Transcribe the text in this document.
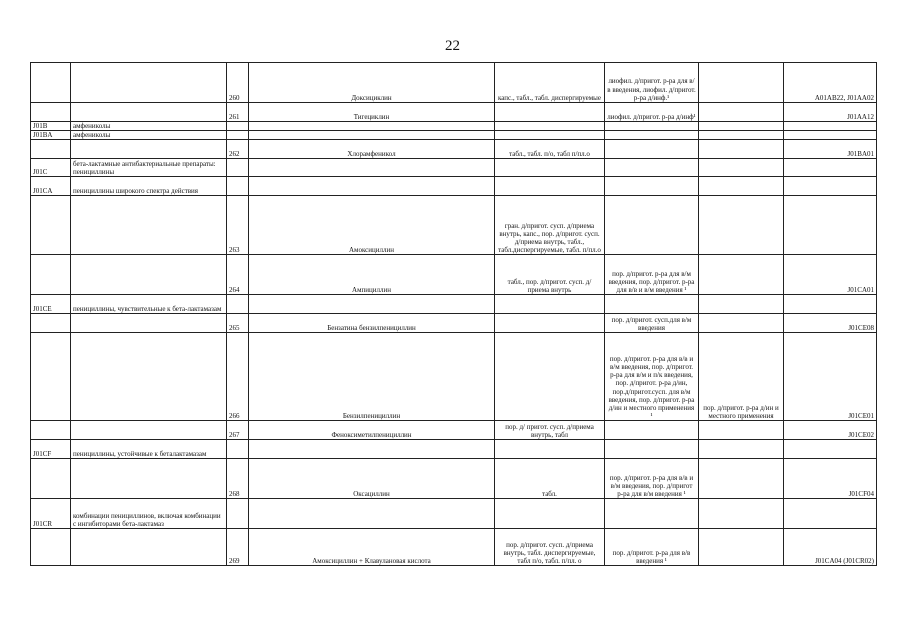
22
		260	Доксициклин	капс., табл., табл. диспергируемые	лиофил. д/пригот. р-ра для в/в введения, лиофил. д/пригот. р-ра д/инф.¹		A01AB22, J01AA02
		261	Тигециклин		лиофил. д/пригот. р-ра д/инф¹		J01AA12
J01B	амфениколы						
J01BA	амфениколы						
		262	Хлорамфеникол	табл., табл. п/о, табл п/пл.о			J01BA01
J01C	бета-лактамные антибактериальные препараты: пенициллины						
J01CA	пенициллины широкого спектра действия						
		263	Амоксициллин	гран. д/пригот. сусп. д/приема внутрь, капс., пор. д/пригот. сусп. д/приема внутрь, табл., табл.диспергируемые, табл. п/пл.о			
		264	Ампициллин	табл., пор. д/пригот. сусп. д/приема внутрь	пор. д/пригот. р-ра для в/м введения, пор. д/пригот. р-ра для в/в и в/м введения ¹		J01CA01
J01CE	пенициллины, чувствительные к бета-лактамазам						
		265	Бензатина бензилпенициллин		пор. д/пригот. сусп.для в/м введения		J01CE08
		266	Бензилпенициллин		пор. д/пригот. р-ра для в/в и в/м введения, пор. д/пригот. р-ра для в/м и п/к введения, пор. д/пригот. р-ра д/ин, пор.д/пригот.сусп. для в/м введения, пор. д/пригот. р-ра д/ин и местного применения ¹	пор. д/пригот. р-ра д/ин и местного применения	J01CE01
		267	Феноксиметилпенициллин	пор. д/ пригот. сусп. д/приема внутрь, табл			J01CE02
J01CF	пенициллины, устойчивые к беталактамазам						
		268	Оксациллин	табл.	пор. д/пригот. р-ра для в/в и в/м введения, пор. д/пригот р-ра для в/м введения ¹		J01CF04
J01CR	комбинации пенициллинов, включая комбинации с ингибиторами бета-лактамаз						
		269	Амоксициллин + Клавулановая кислота	пор. д/пригот. сусп. д/приема внутрь, табл. диспергируемые, табл п/о, табл. п/пл. о	пор. д/пригот. р-ра для в/в введения ¹		J01CA04 (J01CR02)
